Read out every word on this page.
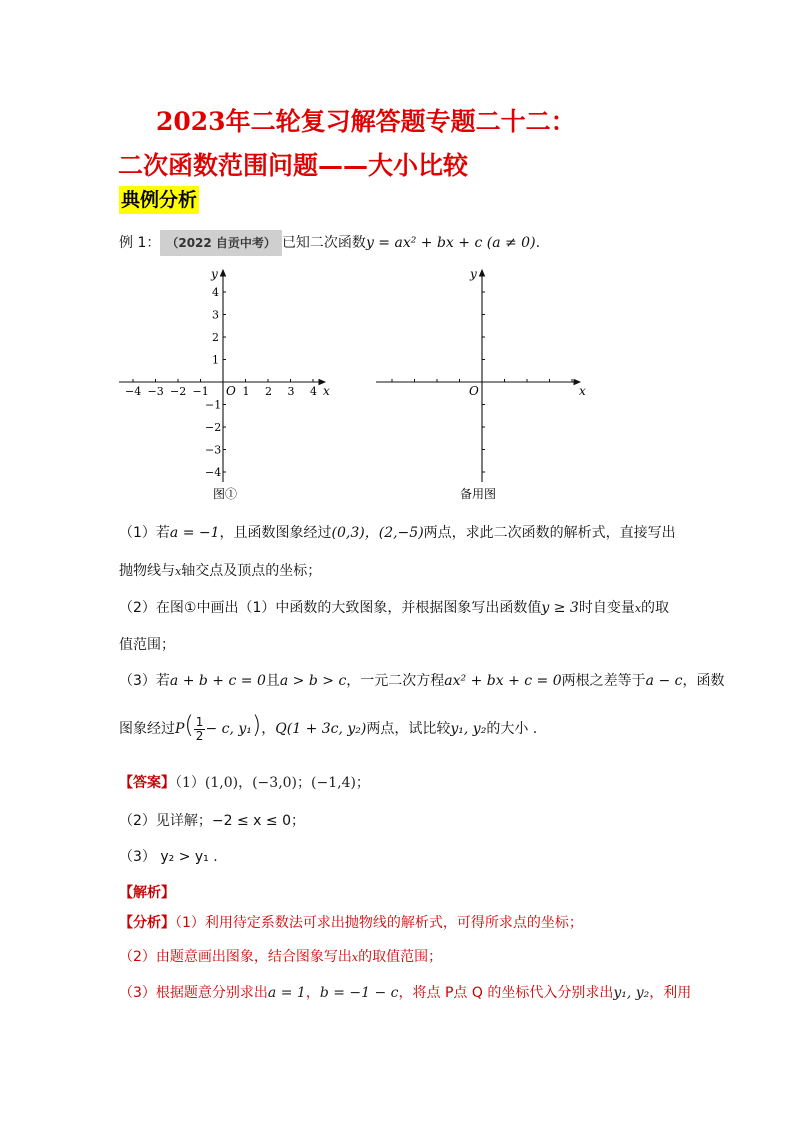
2023年二轮复习解答题专题二十二：
二次函数范围问题——大小比较
典例分析
例 1： （2022 自贡中考） 已知二次函数y = ax² + bx + c (a ≠ 0).
−4 −3 −2 −1	1 2 3 4
4
3
2
1
−1
−2
−3
−4
x
y
O
图①
x
y
O
备用图
（1）若a = −1，且函数图象经过(0,3)，(2,−5)两点，求此二次函数的解析式，直接写出
抛物线与x轴交点及顶点的坐标；
（2）在图①中画出（1）中函数的大致图象，并根据图象写出函数值y ≥ 3时自变量x的取
值范围；
（3）若a + b + c = 0且a > b > c，一元二次方程ax² + bx + c = 0两根之差等于a − c，函数
图象经过$P( \frac{1}{2} - c$, y₁)，Q(1 + 3c, y₂)两点，试比较y₁, y₂的大小 .
【答案】（1）(1,0)，(−3,0)；(−1,4)；
（2）见详解；−2 ≤ x ≤ 0；
（3） y₂ > y₁ .
【解析】
【分析】（1）利用待定系数法可求出抛物线的解析式，可得所求点的坐标；
（2）由题意画出图象，结合图象写出x的取值范围；
（3）根据题意分别求出a = 1，b = −1 − c，将点 P点 Q 的坐标代入分别求出y₁, y₂，利用
